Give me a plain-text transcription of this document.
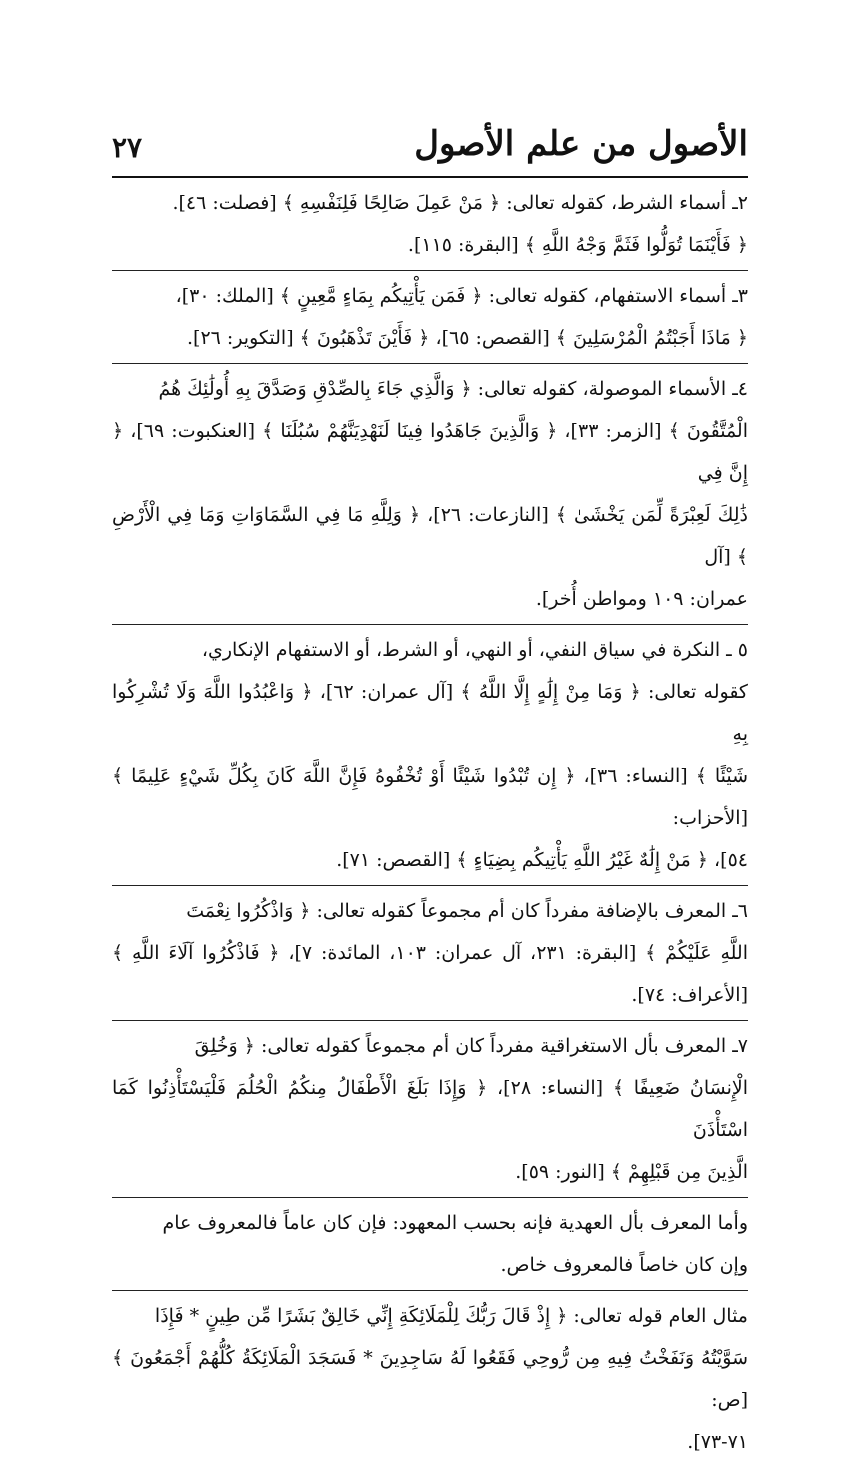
الأصول من علم الأصول
٢٧
٢ـ أسماء الشرط، كقوله تعالى: ﴿ مَنْ عَمِلَ صَالِحًا فَلِنَفْسِهِ ﴾ [فصلت: ٤٦].
﴿ فَأَيْنَمَا تُوَلُّوا فَثَمَّ وَجْهُ اللَّهِ ﴾ [البقرة: ١١٥].
٣ـ أسماء الاستفهام، كقوله تعالى: ﴿ فَمَن يَأْتِيكُم بِمَاءٍ مَّعِينٍ ﴾ [الملك: ٣٠]،
﴿ مَاذَا أَجَبْتُمُ الْمُرْسَلِينَ ﴾ [القصص: ٦٥]، ﴿ فَأَيْنَ تَذْهَبُونَ ﴾ [التكوير: ٢٦].
٤ـ الأسماء الموصولة، كقوله تعالى: ﴿ وَالَّذِي جَاءَ بِالصِّدْقِ وَصَدَّقَ بِهِ أُولَٰئِكَ هُمُ
الْمُتَّقُونَ ﴾ [الزمر: ٣٣]، ﴿ وَالَّذِينَ جَاهَدُوا فِينَا لَنَهْدِيَنَّهُمْ سُبُلَنَا ﴾ [العنكبوت: ٦٩]، ﴿ إِنَّ فِي
ذَٰلِكَ لَعِبْرَةً لِّمَن يَخْشَىٰ ﴾ [النازعات: ٢٦]، ﴿ وَلِلَّهِ مَا فِي السَّمَاوَاتِ وَمَا فِي الْأَرْضِ ﴾ [آل
عمران: ١٠٩ ومواطن أُخر].
٥ ـ النكرة في سياق النفي، أو النهي، أو الشرط، أو الاستفهام الإنكاري،
كقوله تعالى: ﴿ وَمَا مِنْ إِلَٰهٍ إِلَّا اللَّهُ ﴾ [آل عمران: ٦٢]، ﴿ وَاعْبُدُوا اللَّهَ وَلَا تُشْرِكُوا بِهِ
شَيْئًا ﴾ [النساء: ٣٦]، ﴿ إِن تُبْدُوا شَيْئًا أَوْ تُخْفُوهُ فَإِنَّ اللَّهَ كَانَ بِكُلِّ شَيْءٍ عَلِيمًا ﴾ [الأحزاب:
٥٤]، ﴿ مَنْ إِلَٰهٌ غَيْرُ اللَّهِ يَأْتِيكُم بِضِيَاءٍ ﴾ [القصص: ٧١].
٦ـ المعرف بالإضافة مفرداً كان أم مجموعاً كقوله تعالى: ﴿ وَاذْكُرُوا نِعْمَتَ
اللَّهِ عَلَيْكُمْ ﴾ [البقرة: ٢٣١، آل عمران: ١٠٣، المائدة: ٧]، ﴿ فَاذْكُرُوا آلَاءَ اللَّهِ ﴾ [الأعراف: ٧٤].
٧ـ المعرف بأل الاستغراقية مفرداً كان أم مجموعاً كقوله تعالى: ﴿ وَخُلِقَ
الْإِنسَانُ ضَعِيفًا ﴾ [النساء: ٢٨]، ﴿ وَإِذَا بَلَغَ الْأَطْفَالُ مِنكُمُ الْحُلُمَ فَلْيَسْتَأْذِنُوا كَمَا اسْتَأْذَنَ
الَّذِينَ مِن قَبْلِهِمْ ﴾ [النور: ٥٩].
وأما المعرف بأل العهدية فإنه بحسب المعهود: فإن كان عاماً فالمعروف عام
وإن كان خاصاً فالمعروف خاص.
مثال العام قوله تعالى: ﴿ إِذْ قَالَ رَبُّكَ لِلْمَلَائِكَةِ إِنِّي خَالِقٌ بَشَرًا مِّن طِينٍ * فَإِذَا
سَوَّيْتُهُ وَنَفَخْتُ فِيهِ مِن رُّوحِي فَقَعُوا لَهُ سَاجِدِينَ * فَسَجَدَ الْمَلَائِكَةُ كُلُّهُمْ أَجْمَعُونَ ﴾ [ص:
٧١-٧٣].
